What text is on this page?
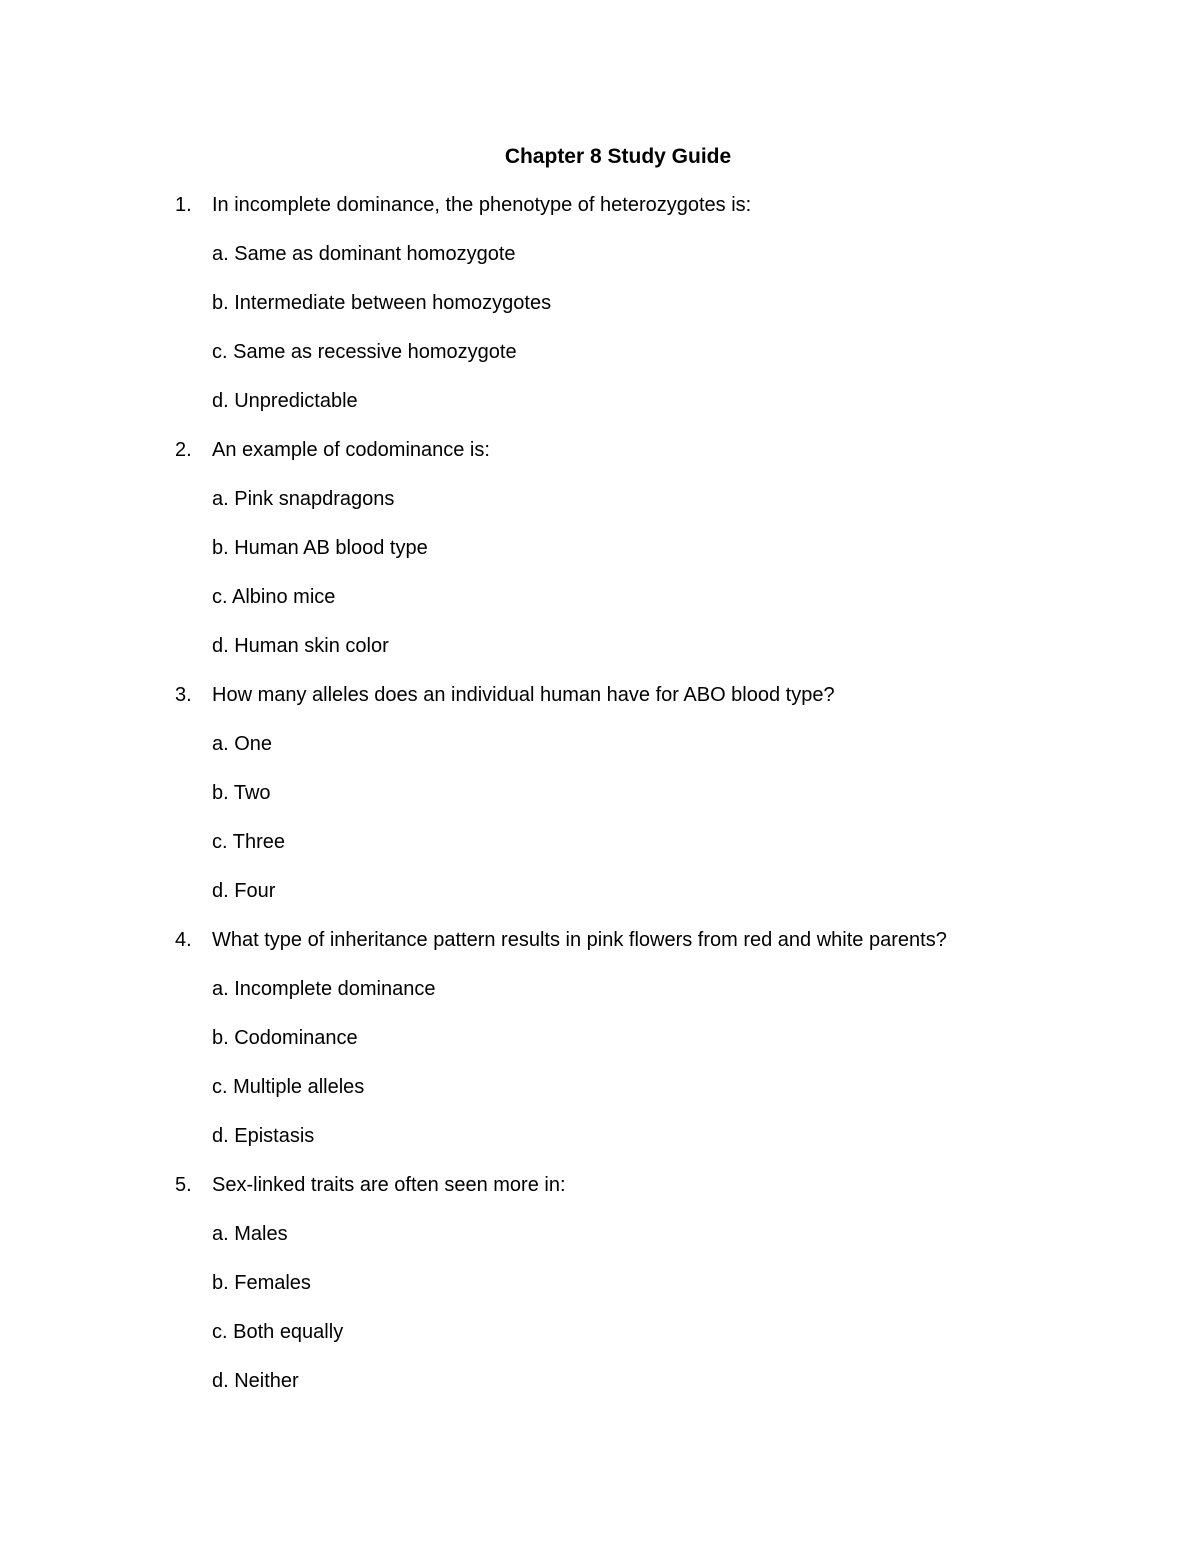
Chapter 8 Study Guide
1. In incomplete dominance, the phenotype of heterozygotes is:
a. Same as dominant homozygote
b. Intermediate between homozygotes
c. Same as recessive homozygote
d. Unpredictable
2. An example of codominance is:
a. Pink snapdragons
b. Human AB blood type
c. Albino mice
d. Human skin color
3. How many alleles does an individual human have for ABO blood type?
a. One
b. Two
c. Three
d. Four
4. What type of inheritance pattern results in pink flowers from red and white parents?
a. Incomplete dominance
b. Codominance
c. Multiple alleles
d. Epistasis
5. Sex-linked traits are often seen more in:
a. Males
b. Females
c. Both equally
d. Neither
